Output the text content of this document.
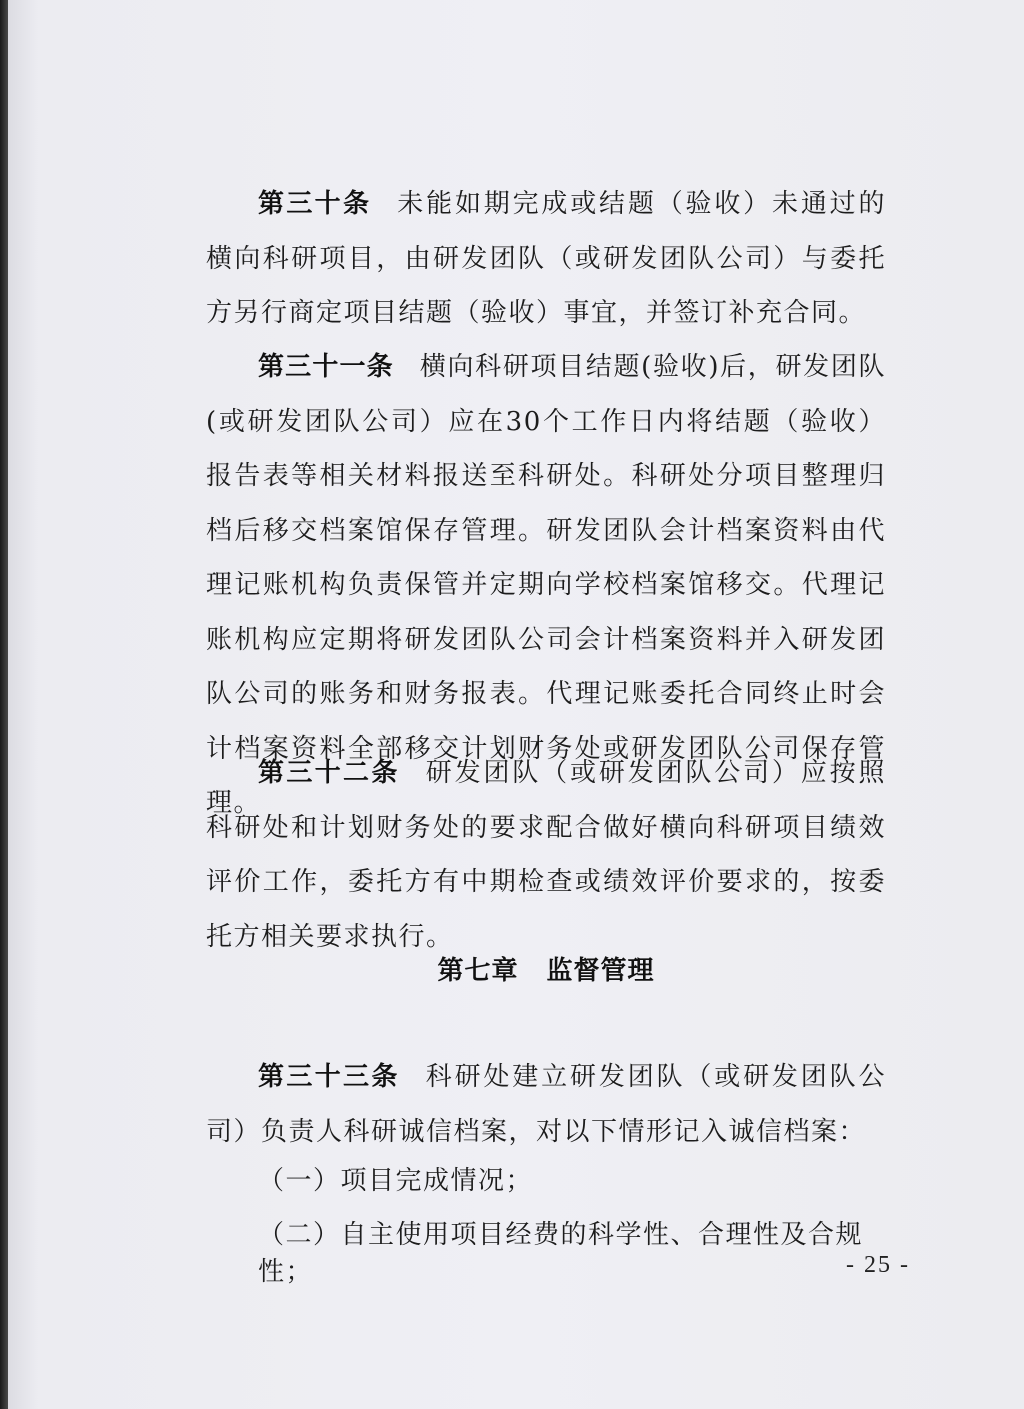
第三十条 未能如期完成或结题（验收）未通过的横向科研项目，由研发团队（或研发团队公司）与委托方另行商定项目结题（验收）事宜，并签订补充合同。

第三十一条 横向科研项目结题(验收)后，研发团队(或研发团队公司）应在30个工作日内将结题（验收）报告表等相关材料报送至科研处。科研处分项目整理归档后移交档案馆保存管理。研发团队会计档案资料由代理记账机构负责保管并定期向学校档案馆移交。代理记账机构应定期将研发团队公司会计档案资料并入研发团队公司的账务和财务报表。代理记账委托合同终止时会计档案资料全部移交计划财务处或研发团队公司保存管理。

第三十二条 研发团队（或研发团队公司）应按照科研处和计划财务处的要求配合做好横向科研项目绩效评价工作，委托方有中期检查或绩效评价要求的，按委托方相关要求执行。

第七章 监督管理

第三十三条 科研处建立研发团队（或研发团队公司）负责人科研诚信档案，对以下情形记入诚信档案：

（一）项目完成情况；

（二）自主使用项目经费的科学性、合理性及合规性；	- 25 -
